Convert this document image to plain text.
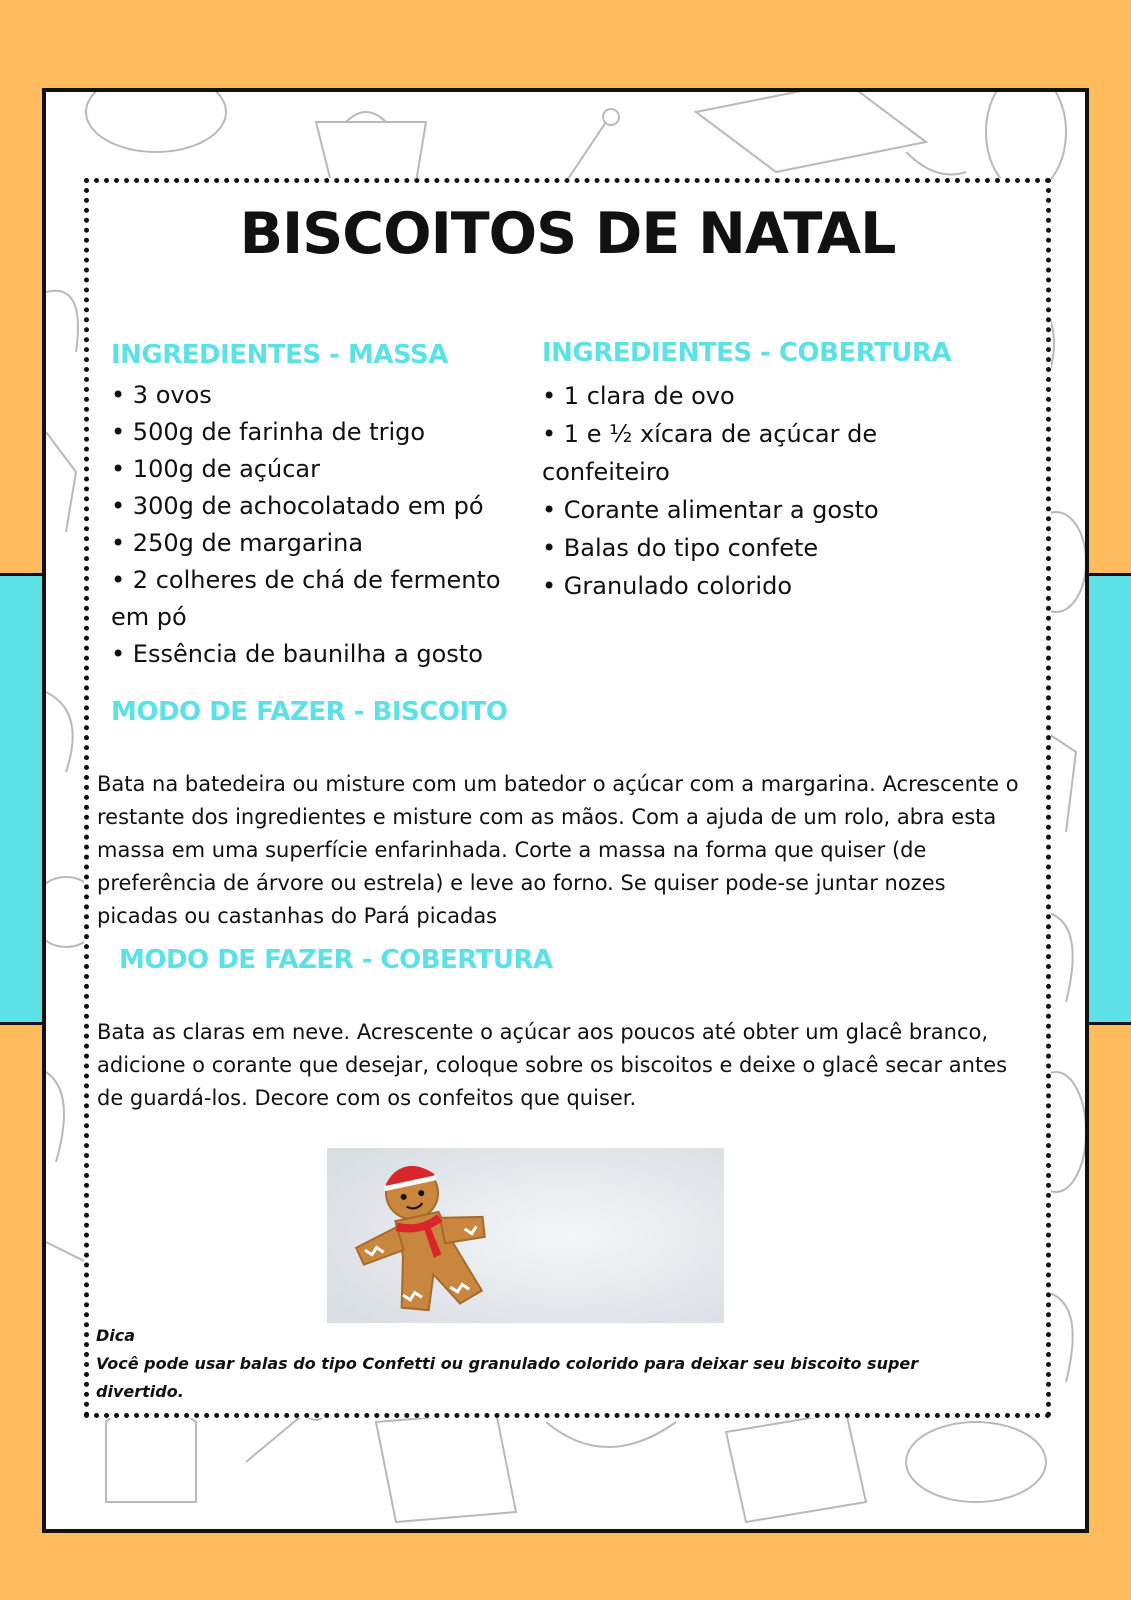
BISCOITOS DE NATAL
INGREDIENTES - MASSA
• 3 ovos
• 500g de farinha de trigo
• 100g de açúcar
• 300g de achocolatado em pó
• 250g de margarina
• 2 colheres de chá de fermento em pó
• Essência de baunilha a gosto
INGREDIENTES - COBERTURA
• 1 clara de ovo
• 1 e ½ xícara de açúcar de confeiteiro
• Corante alimentar a gosto
• Balas do tipo confete
• Granulado colorido
MODO DE FAZER - BISCOITO

Bata na batedeira ou misture com um batedor o açúcar com a margarina. Acrescente o restante dos ingredientes e misture com as mãos. Com a ajuda de um rolo, abra esta massa em uma superfície enfarinhada. Corte a massa na forma que quiser (de preferência de árvore ou estrela) e leve ao forno. Se quiser pode-se juntar nozes picadas ou castanhas do Pará picadas

MODO DE FAZER - COBERTURA

Bata as claras em neve. Acrescente o açúcar aos poucos até obter um glacê branco, adicione o corante que desejar, coloque sobre os biscoitos e deixe o glacê secar antes de guardá-los. Decore com os confeitos que quiser.

Dica
Você pode usar balas do tipo Confetti ou granulado colorido para deixar seu biscoito super divertido.
